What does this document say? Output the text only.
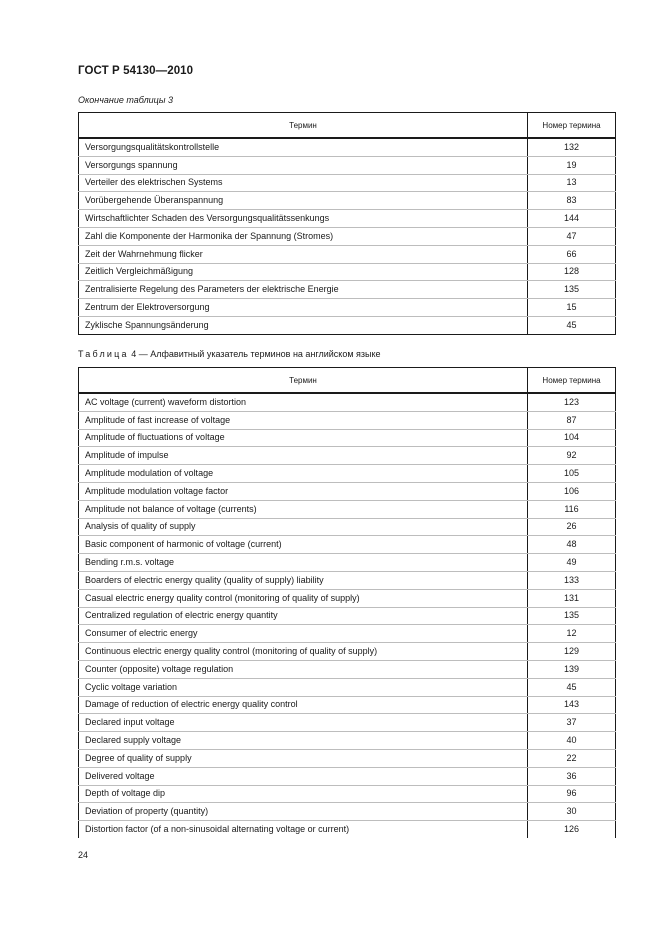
ГОСТ Р 54130—2010
Окончание таблицы 3
Термин	Номер термина
Versorgungsqualitätskontrollstelle	132
Versorgungs spannung	19
Verteiler des elektrischen Systems	13
Vorübergehende Überanspannung	83
Wirtschaftlichter Schaden des Versorgungsqualitätssenkungs	144
Zahl die Komponente der Harmonika der Spannung (Stromes)	47
Zeit der Wahrnehmung flicker	66
Zeitlich Vergleichmäßigung	128
Zentralisierte Regelung des Parameters der elektrische Energie	135
Zentrum der Elektroversorgung	15
Zyklische Spannungsänderung	45
Таблица 4 — Алфавитный указатель терминов на английском языке
Термин	Номер термина
AC voltage (current) waveform distortion	123
Amplitude of fast increase of voltage	87
Amplitude of fluctuations of voltage	104
Amplitude of impulse	92
Amplitude modulation of voltage	105
Amplitude modulation voltage factor	106
Amplitude not balance of voltage (currents)	116
Analysis of quality of supply	26
Basic component of harmonic of voltage (current)	48
Bending r.m.s. voltage	49
Boarders of electric energy quality (quality of supply) liability	133
Casual electric energy quality control (monitoring of quality of supply)	131
Centralized regulation of electric energy quantity	135
Consumer of electric energy	12
Continuous electric energy quality control (monitoring of quality of supply)	129
Counter (opposite) voltage regulation	139
Cyclic voltage variation	45
Damage of reduction of electric energy quality control	143
Declared input voltage	37
Declared supply voltage	40
Degree of quality of supply	22
Delivered voltage	36
Depth of voltage dip	96
Deviation of property (quantity)	30
Distortion factor (of a non-sinusoidal alternating voltage or current)	126
24
